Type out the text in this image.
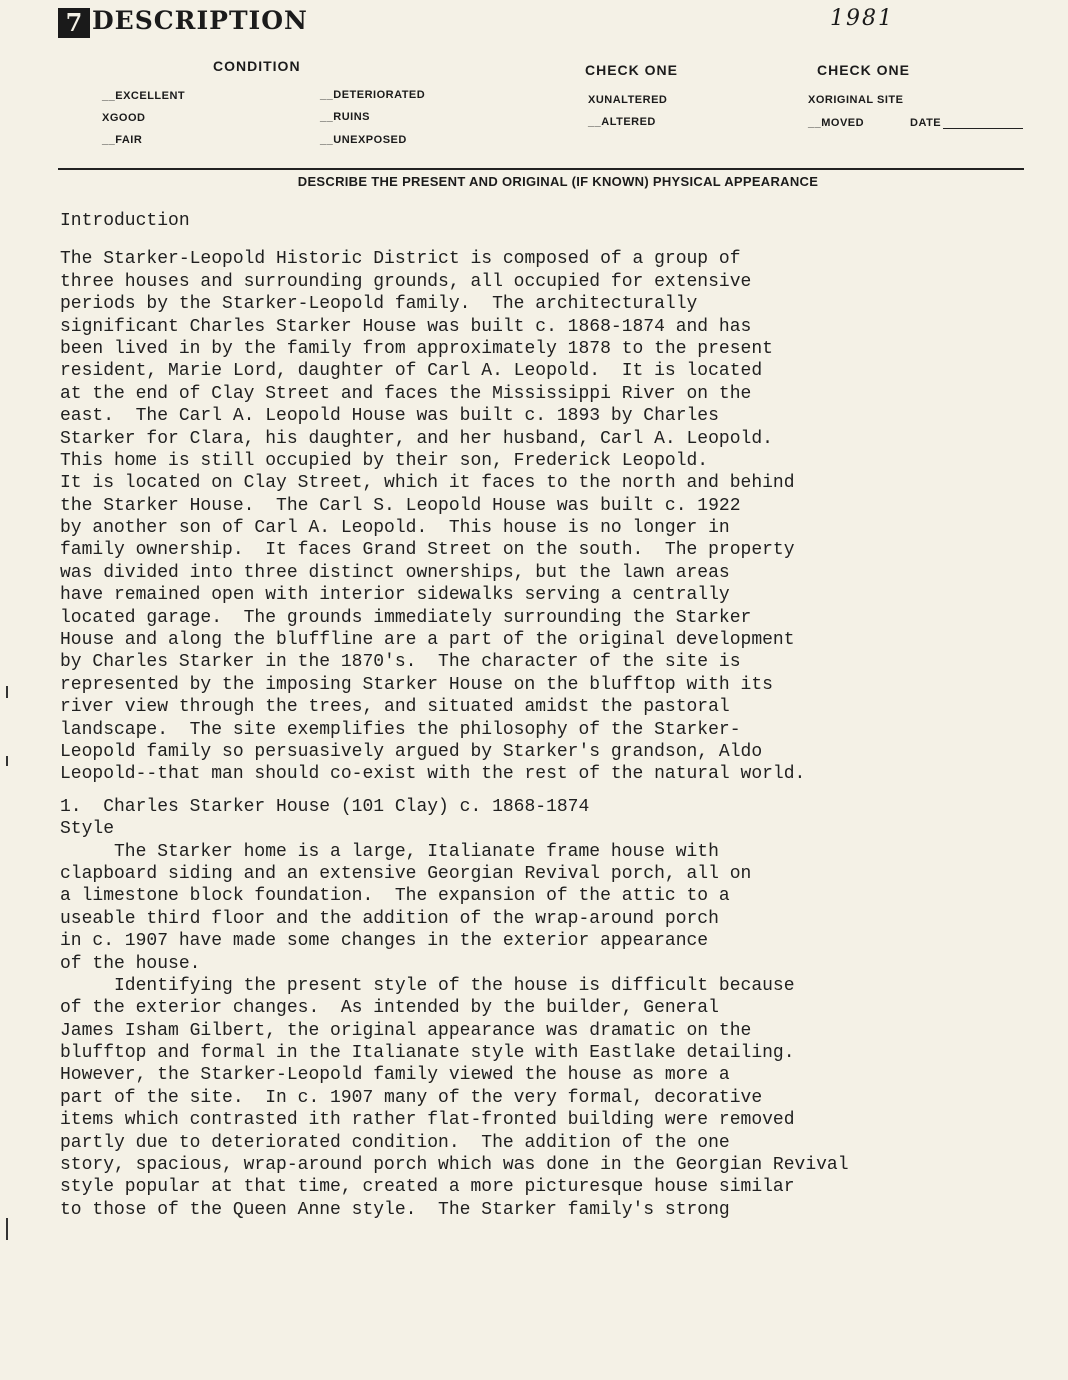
7 DESCRIPTION	1981
CONDITION
__EXCELLENT
XGOOD
__FAIR
__DETERIORATED
__RUINS
__UNEXPOSED
CHECK ONE
XUNALTERED
__ALTERED
CHECK ONE
XORIGINAL SITE
__MOVED	DATE
DESCRIBE THE PRESENT AND ORIGINAL (IF KNOWN) PHYSICAL APPEARANCE
Introduction
The Starker-Leopold Historic District is composed of a group of
three houses and surrounding grounds, all occupied for extensive
periods by the Starker-Leopold family.  The architecturally
significant Charles Starker House was built c. 1868-1874 and has
been lived in by the family from approximately 1878 to the present
resident, Marie Lord, daughter of Carl A. Leopold.  It is located
at the end of Clay Street and faces the Mississippi River on the
east.  The Carl A. Leopold House was built c. 1893 by Charles
Starker for Clara, his daughter, and her husband, Carl A. Leopold.
This home is still occupied by their son, Frederick Leopold.
It is located on Clay Street, which it faces to the north and behind
the Starker House.  The Carl S. Leopold House was built c. 1922
by another son of Carl A. Leopold.  This house is no longer in
family ownership.  It faces Grand Street on the south.  The property
was divided into three distinct ownerships, but the lawn areas
have remained open with interior sidewalks serving a centrally
located garage.  The grounds immediately surrounding the Starker
House and along the bluffline are a part of the original development
by Charles Starker in the 1870's.  The character of the site is
represented by the imposing Starker House on the blufftop with its
river view through the trees, and situated amidst the pastoral
landscape.  The site exemplifies the philosophy of the Starker-
Leopold family so persuasively argued by Starker's grandson, Aldo
Leopold--that man should co-exist with the rest of the natural world.
1.  Charles Starker House (101 Clay) c. 1868-1874
Style
The Starker home is a large, Italianate frame house with
clapboard siding and an extensive Georgian Revival porch, all on
a limestone block foundation.  The expansion of the attic to a
useable third floor and the addition of the wrap-around porch
in c. 1907 have made some changes in the exterior appearance
of the house.
Identifying the present style of the house is difficult because
of the exterior changes.  As intended by the builder, General
James Isham Gilbert, the original appearance was dramatic on the
blufftop and formal in the Italianate style with Eastlake detailing.
However, the Starker-Leopold family viewed the house as more a
part of the site.  In c. 1907 many of the very formal, decorative
items which contrasted ith rather flat-fronted building were removed
partly due to deteriorated condition.  The addition of the one
story, spacious, wrap-around porch which was done in the Georgian Revival
style popular at that time, created a more picturesque house similar
to those of the Queen Anne style.  The Starker family's strong
